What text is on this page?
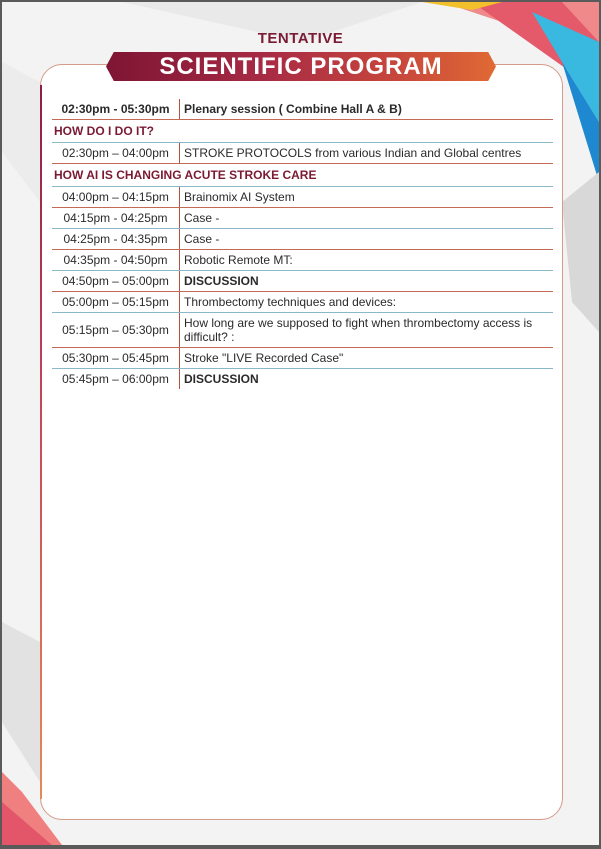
TENTATIVE
SCIENTIFIC PROGRAM
02:30pm - 05:30pm	Plenary session ( Combine Hall A & B)
HOW DO I DO IT?
02:30pm – 04:00pm	STROKE PROTOCOLS from various Indian and Global centres
HOW AI IS CHANGING ACUTE STROKE CARE
04:00pm – 04:15pm	Brainomix AI System
04:15pm - 04:25pm	Case -
04:25pm - 04:35pm	Case -
04:35pm - 04:50pm	Robotic Remote MT:
04:50pm – 05:00pm	DISCUSSION
05:00pm – 05:15pm	Thrombectomy techniques and devices:
05:15pm – 05:30pm	How long are we supposed to fight when thrombectomy access is difficult? :
05:30pm – 05:45pm	Stroke "LIVE Recorded Case"
05:45pm – 06:00pm	DISCUSSION
